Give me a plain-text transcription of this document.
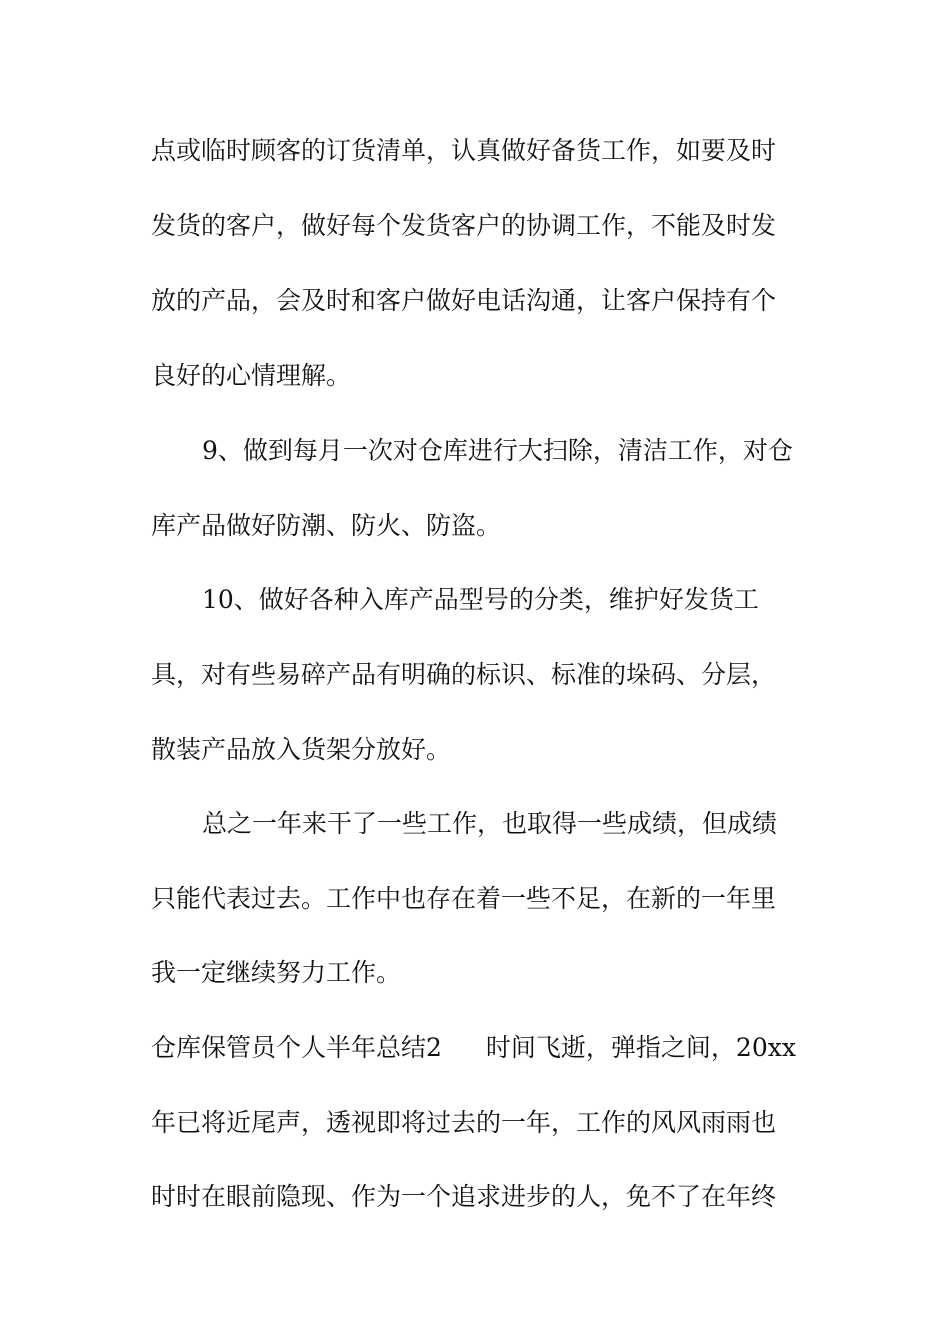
点或临时顾客的订货清单，认真做好备货工作，如要及时
发货的客户，做好每个发货客户的协调工作，不能及时发
放的产品，会及时和客户做好电话沟通，让客户保持有个
良好的心情理解。
9、做到每月一次对仓库进行大扫除，清洁工作，对仓
库产品做好防潮、防火、防盗。
10、做好各种入库产品型号的分类，维护好发货工
具，对有些易碎产品有明确的标识、标准的垛码、分层，
散装产品放入货架分放好。
总之一年来干了一些工作，也取得一些成绩，但成绩
只能代表过去。工作中也存在着一些不足，在新的一年里
我一定继续努力工作。
仓库保管员个人半年总结2 时间飞逝，弹指之间，20xx
年已将近尾声，透视即将过去的一年，工作的风风雨雨也
时时在眼前隐现、作为一个追求进步的人，免不了在年终
